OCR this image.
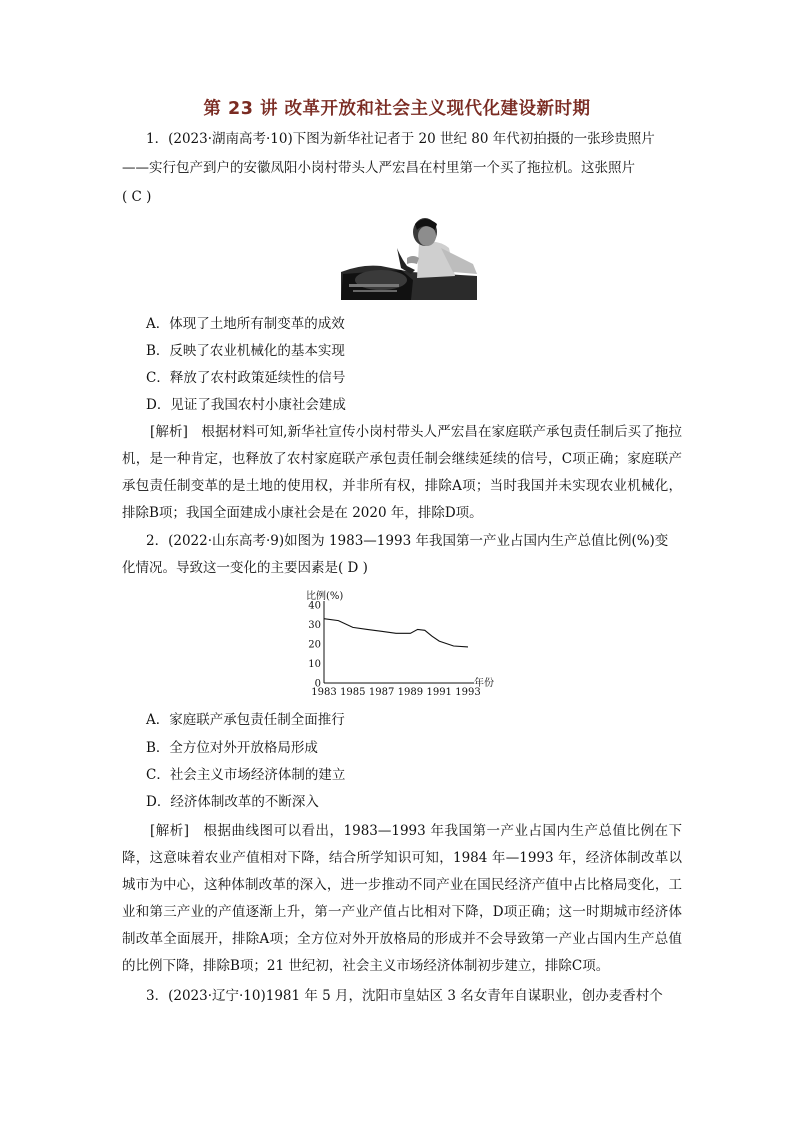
第 23 讲 改革开放和社会主义现代化建设新时期
1．(2023·湖南高考·10)下图为新华社记者于 20 世纪 80 年代初拍摄的一张珍贵照片
——实行包产到户的安徽凤阳小岗村带头人严宏昌在村里第一个买了拖拉机。这张照片
( C )
A．体现了土地所有制变革的成效
B．反映了农业机械化的基本实现
C．释放了农村政策延续性的信号
D．见证了我国农村小康社会建成
[解析]　根据材料可知,新华社宣传小岗村带头人严宏昌在家庭联产承包责任制后买了拖拉机，是一种肯定，也释放了农村家庭联产承包责任制会继续延续的信号，C项正确；家庭联产承包责任制变革的是土地的使用权，并非所有权，排除A项；当时我国并未实现农业机械化，排除B项；我国全面建成小康社会是在 2020 年，排除D项。
2．(2022·山东高考·9)如图为 1983—1993 年我国第一产业占国内生产总值比例(%)变
化情况。导致这一变化的主要因素是( D )
比例(%)
年份
40
30
20
10
0
1983 1985 1987 1989 1991 1993
A．家庭联产承包责任制全面推行
B．全方位对外开放格局形成
C．社会主义市场经济体制的建立
D．经济体制改革的不断深入
[解析]　根据曲线图可以看出，1983—1993 年我国第一产业占国内生产总值比例在下降，这意味着农业产值相对下降，结合所学知识可知，1984 年—1993 年，经济体制改革以城市为中心，这种体制改革的深入，进一步推动不同产业在国民经济产值中占比格局变化，工业和第三产业的产值逐渐上升，第一产业产值占比相对下降，D项正确；这一时期城市经济体制改革全面展开，排除A项；全方位对外开放格局的形成并不会导致第一产业占国内生产总值的比例下降，排除B项；21 世纪初，社会主义市场经济体制初步建立，排除C项。
3．(2023·辽宁·10)1981 年 5 月，沈阳市皇姑区 3 名女青年自谋职业，创办麦香村个
